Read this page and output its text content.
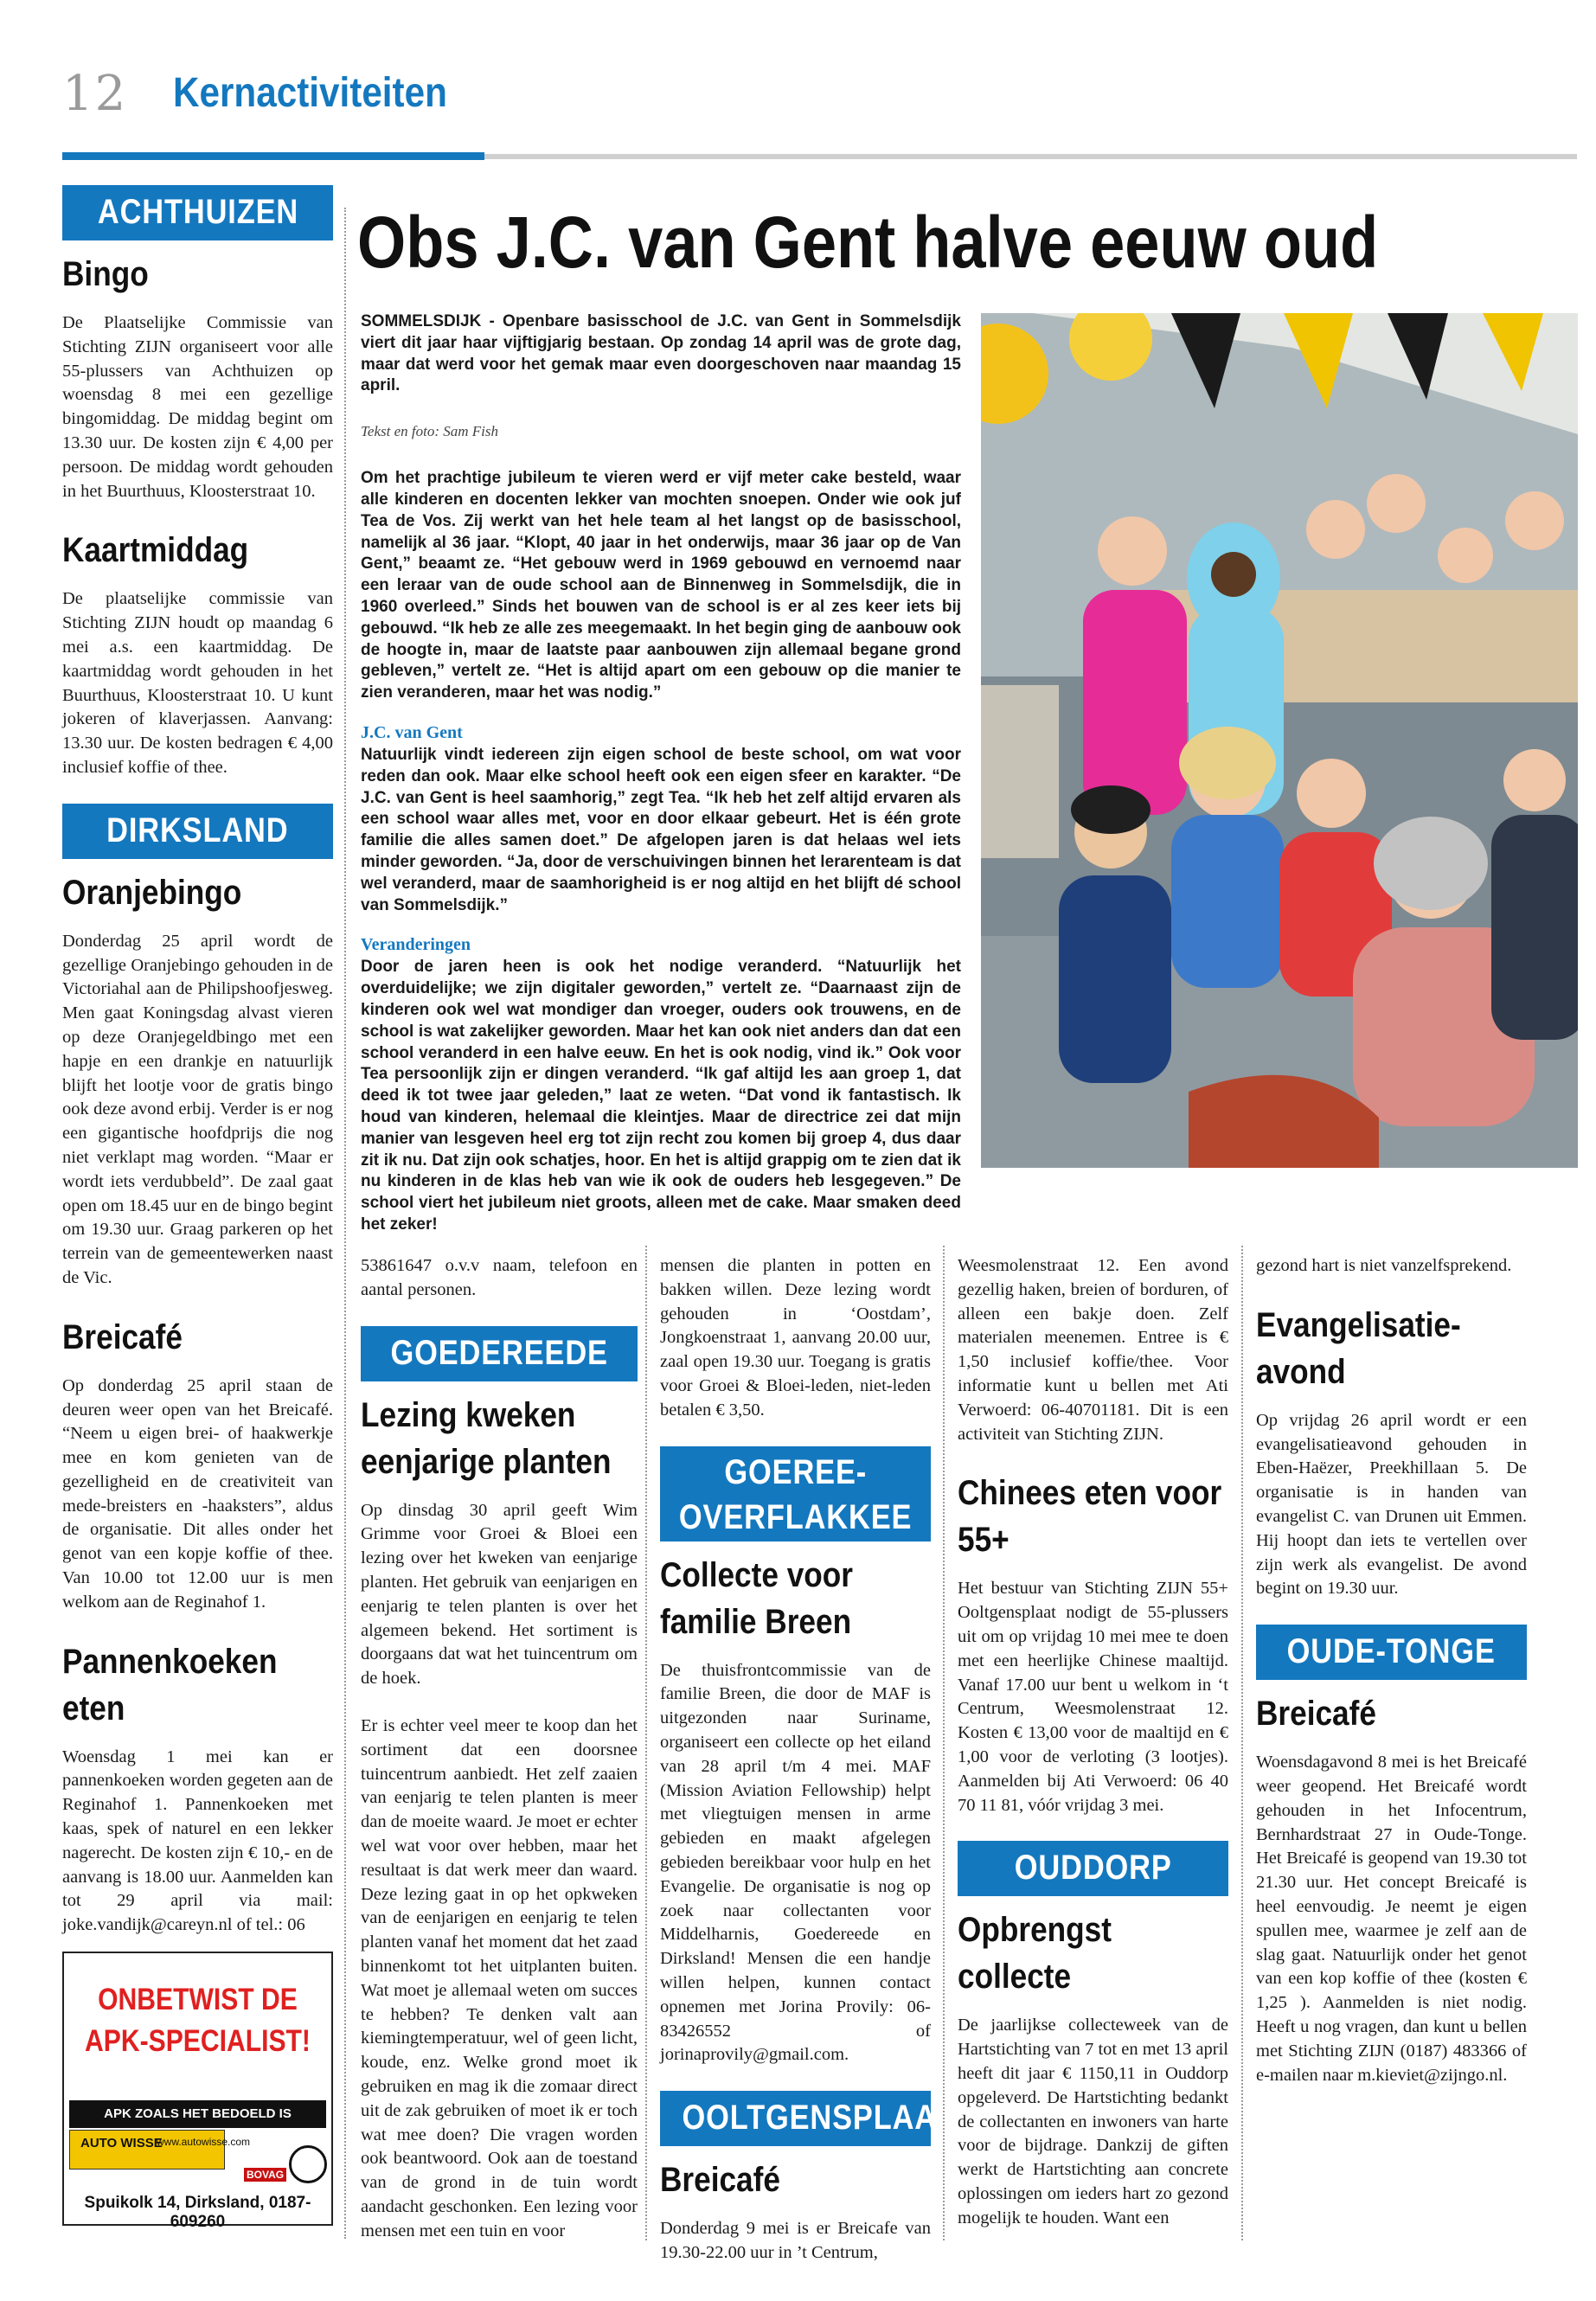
12 Kernactiviteiten
ACHTHUIZEN
Bingo

De Plaatselijke Commissie van Stichting ZIJN organiseert voor alle 55-plussers van Achthuizen op woensdag 8 mei een gezellige bingomiddag. De middag begint om 13.30 uur. De kosten zijn € 4,00 per persoon. De middag wordt gehouden in het Buurthuus, Kloosterstraat 10.

Kaartmiddag

De plaatselijke commissie van Stichting ZIJN houdt op maandag 6 mei a.s. een kaartmiddag. De kaartmiddag wordt gehouden in het Buurthuus, Kloosterstraat 10. U kunt jokeren of klaverjassen. Aanvang: 13.30 uur. De kosten bedragen € 4,00 inclusief koffie of thee.

DIRKSLAND
Oranjebingo

Donderdag 25 april wordt de gezellige Oranjebingo gehouden in de Victoriahal aan de Philipshoofjesweg. Men gaat Koningsdag alvast vieren op deze Oranjegeldbingo met een hapje en een drankje en natuurlijk blijft het lootje voor de gratis bingo ook deze avond erbij. Verder is er nog een gigantische hoofdprijs die nog niet verklapt mag worden. “Maar er wordt iets verdubbeld”. De zaal gaat open om 18.45 uur en de bingo begint om 19.30 uur. Graag parkeren op het terrein van de gemeentewerken naast de Vic.

Breicafé

Op donderdag 25 april staan de deuren weer open van het Breicafé. “Neem u eigen brei- of haakwerkje mee en kom genieten van de gezelligheid en de creativiteit van mede-breisters en -haaksters”, aldus de organisatie. Dit alles onder het genot van een kopje koffie of thee. Van 10.00 tot 12.00 uur is men welkom aan de Reginahof 1.

Pannenkoeken eten

Woensdag 1 mei kan er pannenkoeken worden gegeten aan de Reginahof 1. Pannenkoeken met kaas, spek of naturel en een lekker nagerecht. De kosten zijn € 10,- en de aanvang is 18.00 uur. Aanmelden kan tot 29 april via mail: joke.vandijk@careyn.nl of tel.: 06

Obs J.C. van Gent halve eeuw oud
SOMMELSDIJK - Openbare basisschool de J.C. van Gent in Sommelsdijk viert dit jaar haar vijftigjarig bestaan. Op zondag 14 april was de grote dag, maar dat werd voor het gemak maar even doorgeschoven naar maandag 15 april.
Tekst en foto: Sam Fish
Om het prachtige jubileum te vieren werd er vijf meter cake besteld, waar alle kinderen en docenten lekker van mochten snoepen. Onder wie ook juf Tea de Vos. Zij werkt van het hele team al het langst op de basisschool, namelijk al 36 jaar. “Klopt, 40 jaar in het onderwijs, maar 36 jaar op de Van Gent,” beaamt ze. “Het gebouw werd in 1969 gebouwd en vernoemd naar een leraar van de oude school aan de Binnenweg in Sommelsdijk, die in 1960 overleed.” Sinds het bouwen van de school is er al zes keer iets bij gebouwd. “Ik heb ze alle zes meegemaakt. In het begin ging de aanbouw ook de hoogte in, maar de laatste paar aanbouwen zijn allemaal begane grond gebleven,” vertelt ze. “Het is altijd apart om een gebouw op die manier te zien veranderen, maar het was nodig.”
J.C. van Gent
Natuurlijk vindt iedereen zijn eigen school de beste school, om wat voor reden dan ook. Maar elke school heeft ook een eigen sfeer en karakter. “De J.C. van Gent is heel saamhorig,” zegt Tea. “Ik heb het zelf altijd ervaren als een school waar alles met, voor en door elkaar gebeurt. Het is één grote familie die alles samen doet.” De afgelopen jaren is dat helaas wel iets minder geworden. “Ja, door de verschuivingen binnen het lerarenteam is dat wel veranderd, maar de saamhorigheid is er nog altijd en het blijft dé school van Sommelsdijk.”
Veranderingen
Door de jaren heen is ook het nodige veranderd. “Natuurlijk het overduidelijke; we zijn digitaler geworden,” vertelt ze. “Daarnaast zijn de kinderen ook wel wat mondiger dan vroeger, ouders ook trouwens, en de school is wat zakelijker geworden. Maar het kan ook niet anders dan dat een school veranderd in een halve eeuw. En het is ook nodig, vind ik.” Ook voor Tea persoonlijk zijn er dingen veranderd. “Ik gaf altijd les aan groep 1, dat deed ik tot twee jaar geleden,” laat ze weten. “Dat vond ik fantastisch. Ik houd van kinderen, helemaal die kleintjes. Maar de directrice zei dat mijn manier van lesgeven heel erg tot zijn recht zou komen bij groep 4, dus daar zit ik nu. Dat zijn ook schatjes, hoor. En het is altijd grappig om te zien dat ik nu kinderen in de klas heb van wie ik ook de ouders heb lesgegeven.” De school viert het jubileum niet groots, alleen met de cake. Maar smaken deed het zeker!

53861647 o.v.v naam, telefoon en aantal personen.

GOEDEREEDE
Lezing kweken eenjarige planten

Op dinsdag 30 april geeft Wim Grimme voor Groei & Bloei een lezing over het kweken van eenjarige planten. Het gebruik van eenjarigen en eenjarig te telen planten is over het algemeen bekend. Het sortiment is doorgaans dat wat het tuincentrum om de hoek.

Er is echter veel meer te koop dan het sortiment dat een doorsnee tuincentrum aanbiedt. Het zelf zaaien van eenjarig te telen planten is meer dan de moeite waard. Je moet er echter wel wat voor over hebben, maar het resultaat is dat werk meer dan waard. Deze lezing gaat in op het opkweken van de eenjarigen en eenjarig te telen planten vanaf het moment dat het zaad binnenkomt tot het uitplanten buiten. Wat moet je allemaal weten om succes te hebben? Te denken valt aan kiemingtemperatuur, wel of geen licht, koude, enz. Welke grond moet ik gebruiken en mag ik die zomaar direct uit de zak gebruiken of moet ik er toch wat mee doen? Die vragen worden ook beantwoord. Ook aan de toestand van de grond in de tuin wordt aandacht geschonken. Een lezing voor mensen met een tuin en voor

mensen die planten in potten en bakken willen. Deze lezing wordt gehouden in ‘Oostdam’, Jongkoenstraat 1, aanvang 20.00 uur, zaal open 19.30 uur. Toegang is gratis voor Groei & Bloei-leden, niet-leden betalen € 3,50.

GOEREE-
OVERFLAKKEE
Collecte voor familie Breen

De thuisfrontcommissie van de familie Breen, die door de MAF is uitgezonden naar Suriname, organiseert een collecte op het eiland van 28 april t/m 4 mei. MAF (Mission Aviation Fellowship) helpt met vliegtuigen mensen in arme gebieden en maakt afgelegen gebieden bereikbaar voor hulp en het Evangelie. De organisatie is nog op zoek naar collectanten voor Middelharnis, Goedereede en Dirksland! Mensen die een handje willen helpen, kunnen contact opnemen met Jorina Provily: 06-83426552 of jorinaprovily@gmail.com.

OOLTGENSPLAAT
Breicafé

Donderdag 9 mei is er Breicafe van 19.30-22.00 uur in ’t Centrum,

Weesmolenstraat 12. Een avond gezellig haken, breien of borduren, of alleen een bakje doen. Zelf materialen meenemen. Entree is € 1,50 inclusief koffie/thee. Voor informatie kunt u bellen met Ati Verwoerd: 06-40701181. Dit is een activiteit van Stichting ZIJN.

Chinees eten voor 55+

Het bestuur van Stichting ZIJN 55+ Ooltgensplaat nodigt de 55-plussers uit om op vrijdag 10 mei mee te doen met een heerlijke Chinese maaltijd. Vanaf 17.00 uur bent u welkom in ‘t Centrum, Weesmolenstraat 12. Kosten € 13,00 voor de maaltijd en € 1,00 voor de verloting (3 lootjes). Aanmelden bij Ati Verwoerd: 06 40 70 11 81, vóór vrijdag 3 mei.

OUDDORP
Opbrengst collecte

De jaarlijkse collecteweek van de Hartstichting van 7 tot en met 13 april heeft dit jaar € 1150,11 in Ouddorp opgeleverd. De Hartstichting bedankt de collectanten en inwoners van harte voor de bijdrage. Dankzij de giften werkt de Hartstichting aan concrete oplossingen om ieders hart zo gezond mogelijk te houden. Want een

gezond hart is niet vanzelfsprekend.

Evangelisatie-avond

Op vrijdag 26 april wordt er een evangelisatieavond gehouden in Eben-Haëzer, Preekhillaan 5. De organisatie is in handen van evangelist C. van Drunen uit Emmen. Hij hoopt dan iets te vertellen over zijn werk als evangelist. De avond begint on 19.30 uur.

OUDE-TONGE
Breicafé

Woensdagavond 8 mei is het Breicafé weer geopend. Het Breicafé wordt gehouden in het Infocentrum, Bernhardstraat 27 in Oude-Tonge. Het Breicafé is geopend van 19.30 tot 21.30 uur. Het concept Breicafé is heel eenvoudig. Je neemt je eigen spullen mee, waarmee je zelf aan de slag gaat. Natuurlijk onder het genot van een kop koffie of thee (kosten € 1,25 ). Aanmelden is niet nodig. Heeft u nog vragen, dan kunt u bellen met Stichting ZIJN (0187) 483366 of e-mailen naar m.kieviet@zijngo.nl.

ONBETWIST DE APK-SPECIALIST!
APK ZOALS HET BEDOELD IS
AUTO WISSE
www.autowisse.com
BOVAG
Spuikolk 14, Dirksland, 0187-609260
